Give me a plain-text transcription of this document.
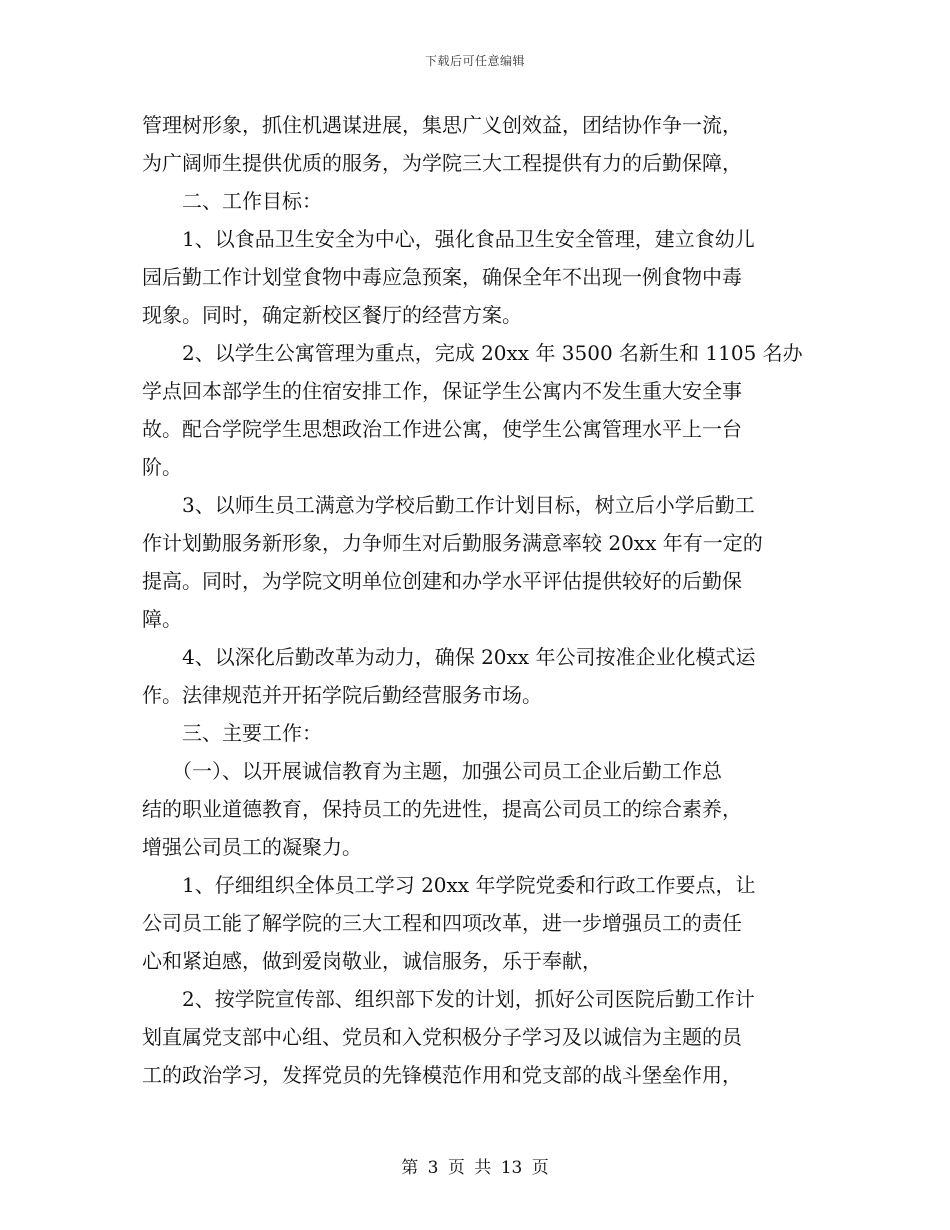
下载后可任意编辑
管理树形象，抓住机遇谋进展，集思广义创效益，团结协作争一流，
为广阔师生提供优质的服务，为学院三大工程提供有力的后勤保障，
　　二、工作目标：
　　1、以食品卫生安全为中心，强化食品卫生安全管理，建立食幼儿
园后勤工作计划堂食物中毒应急预案，确保全年不出现一例食物中毒
现象。同时，确定新校区餐厅的经营方案。
　　2、以学生公寓管理为重点，完成 20xx 年 3500 名新生和 1105 名办
学点回本部学生的住宿安排工作，保证学生公寓内不发生重大安全事
故。配合学院学生思想政治工作进公寓，使学生公寓管理水平上一台
阶。
　　3、以师生员工满意为学校后勤工作计划目标，树立后小学后勤工
作计划勤服务新形象，力争师生对后勤服务满意率较 20xx 年有一定的
提高。同时，为学院文明单位创建和办学水平评估提供较好的后勤保
障。
　　4、以深化后勤改革为动力，确保 20xx 年公司按准企业化模式运
作。法律规范并开拓学院后勤经营服务市场。
　　三、主要工作：
　　（一）、以开展诚信教育为主题，加强公司员工企业后勤工作总
结的职业道德教育，保持员工的先进性，提高公司员工的综合素养，
增强公司员工的凝聚力。
　　1、仔细组织全体员工学习 20xx 年学院党委和行政工作要点，让
公司员工能了解学院的三大工程和四项改革，进一步增强员工的责任
心和紧迫感，做到爱岗敬业，诚信服务，乐于奉献，
　　2、按学院宣传部、组织部下发的计划，抓好公司医院后勤工作计
划直属党支部中心组、党员和入党积极分子学习及以诚信为主题的员
工的政治学习，发挥党员的先锋模范作用和党支部的战斗堡垒作用，
第 3 页 共 13 页
